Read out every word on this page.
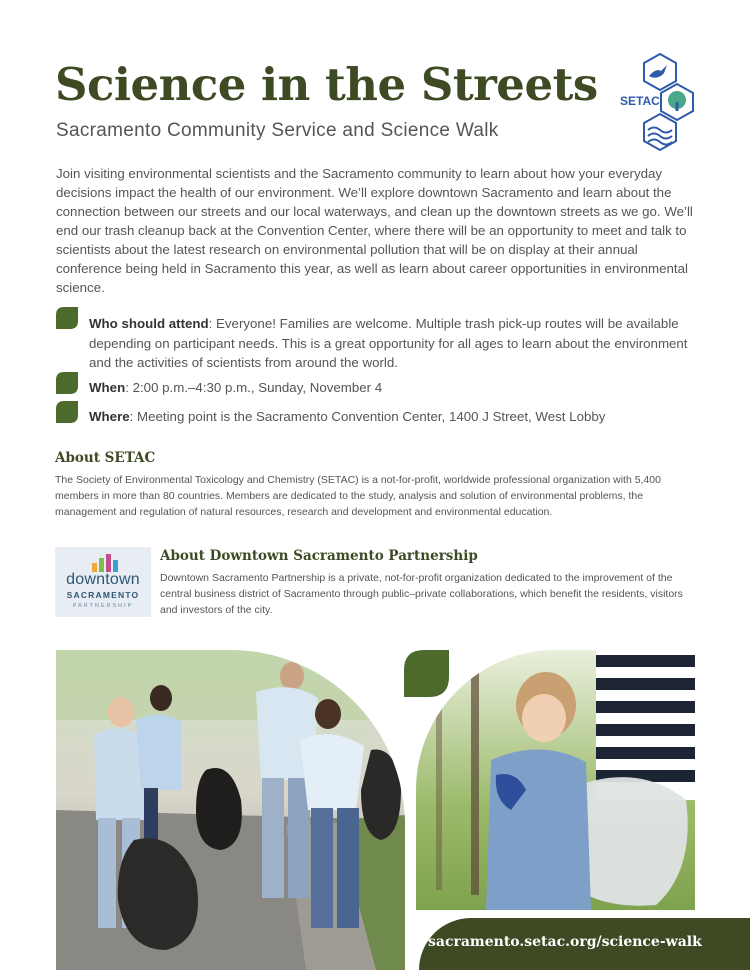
Science in the Streets
Sacramento Community Service and Science Walk
SETAC

Join visiting environmental scientists and the Sacramento community to learn about how your everyday decisions impact the health of our environment. We’ll explore downtown Sacramento and learn about the connection between our streets and our local waterways, and clean up the downtown streets as we go. We’ll end our trash cleanup back at the Convention Center, where there will be an opportunity to meet and talk to scientists about the latest research on environmental pollution that will be on display at their annual conference being held in Sacramento this year, as well as learn about career opportunities in environmental science.

Who should attend: Everyone! Families are welcome. Multiple trash pick-up routes will be available depending on participant needs. This is a great opportunity for all ages to learn about the environment and the activities of scientists from around the world.
When: 2:00 p.m.–4:30 p.m., Sunday, November 4
Where: Meeting point is the Sacramento Convention Center, 1400 J Street, West Lobby
About SETAC

The Society of Environmental Toxicology and Chemistry (SETAC) is a not-for-profit, worldwide professional organization with 5,400 members in more than 80 countries. Members are dedicated to the study, analysis and solution of environmental problems, the management and regulation of natural resources, research and development and environmental education.

downtown
SACRAMENTO
PARTNERSHIP
About Downtown Sacramento Partnership

Downtown Sacramento Partnership is a private, not-for-profit organization dedicated to the improvement of the central business district of Sacramento through public–private collaborations, which benefit the residents, visitors and investors of the city.

sacramento.setac.org/science-walk
